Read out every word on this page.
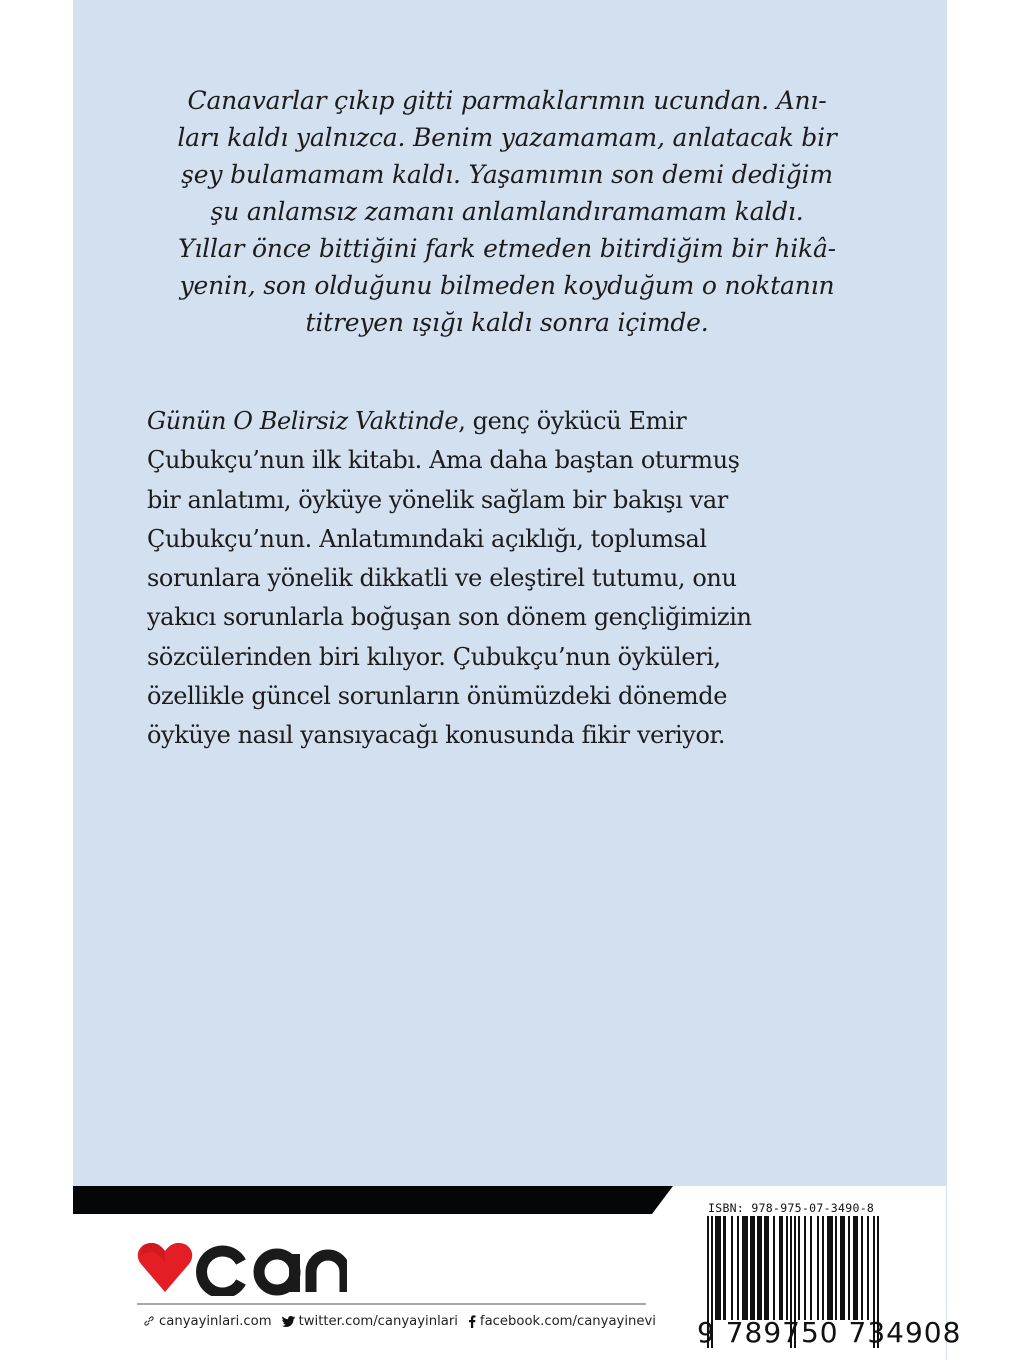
Canavarlar çıkıp gitti parmaklarımın ucundan. Anı-
ları kaldı yalnızca. Benim yazamamam, anlatacak bir
şey bulamamam kaldı. Yaşamımın son demi dediğim
şu anlamsız zamanı anlamlandıramamam kaldı.
Yıllar önce bittiğini fark etmeden bitirdiğim bir hikâ-
yenin, son olduğunu bilmeden koyduğum o noktanın
titreyen ışığı kaldı sonra içimde.
Günün O Belirsiz Vaktinde, genç öykücü Emir
Çubukçu’nun ilk kitabı. Ama daha baştan oturmuş
bir anlatımı, öyküye yönelik sağlam bir bakışı var
Çubukçu’nun. Anlatımındaki açıklığı, toplumsal
sorunlara yönelik dikkatli ve eleştirel tutumu, onu
yakıcı sorunlarla boğuşan son dönem gençliğimizin
sözcülerinden biri kılıyor. Çubukçu’nun öyküleri,
özellikle güncel sorunların önümüzdeki dönemde
öyküye nasıl yansıyacağı konusunda fikir veriyor.
canyayinlari.com twitter.com/canyayinlari facebook.com/canyayinevi
ISBN: 978-975-07-3490-8
9 789750 734908
